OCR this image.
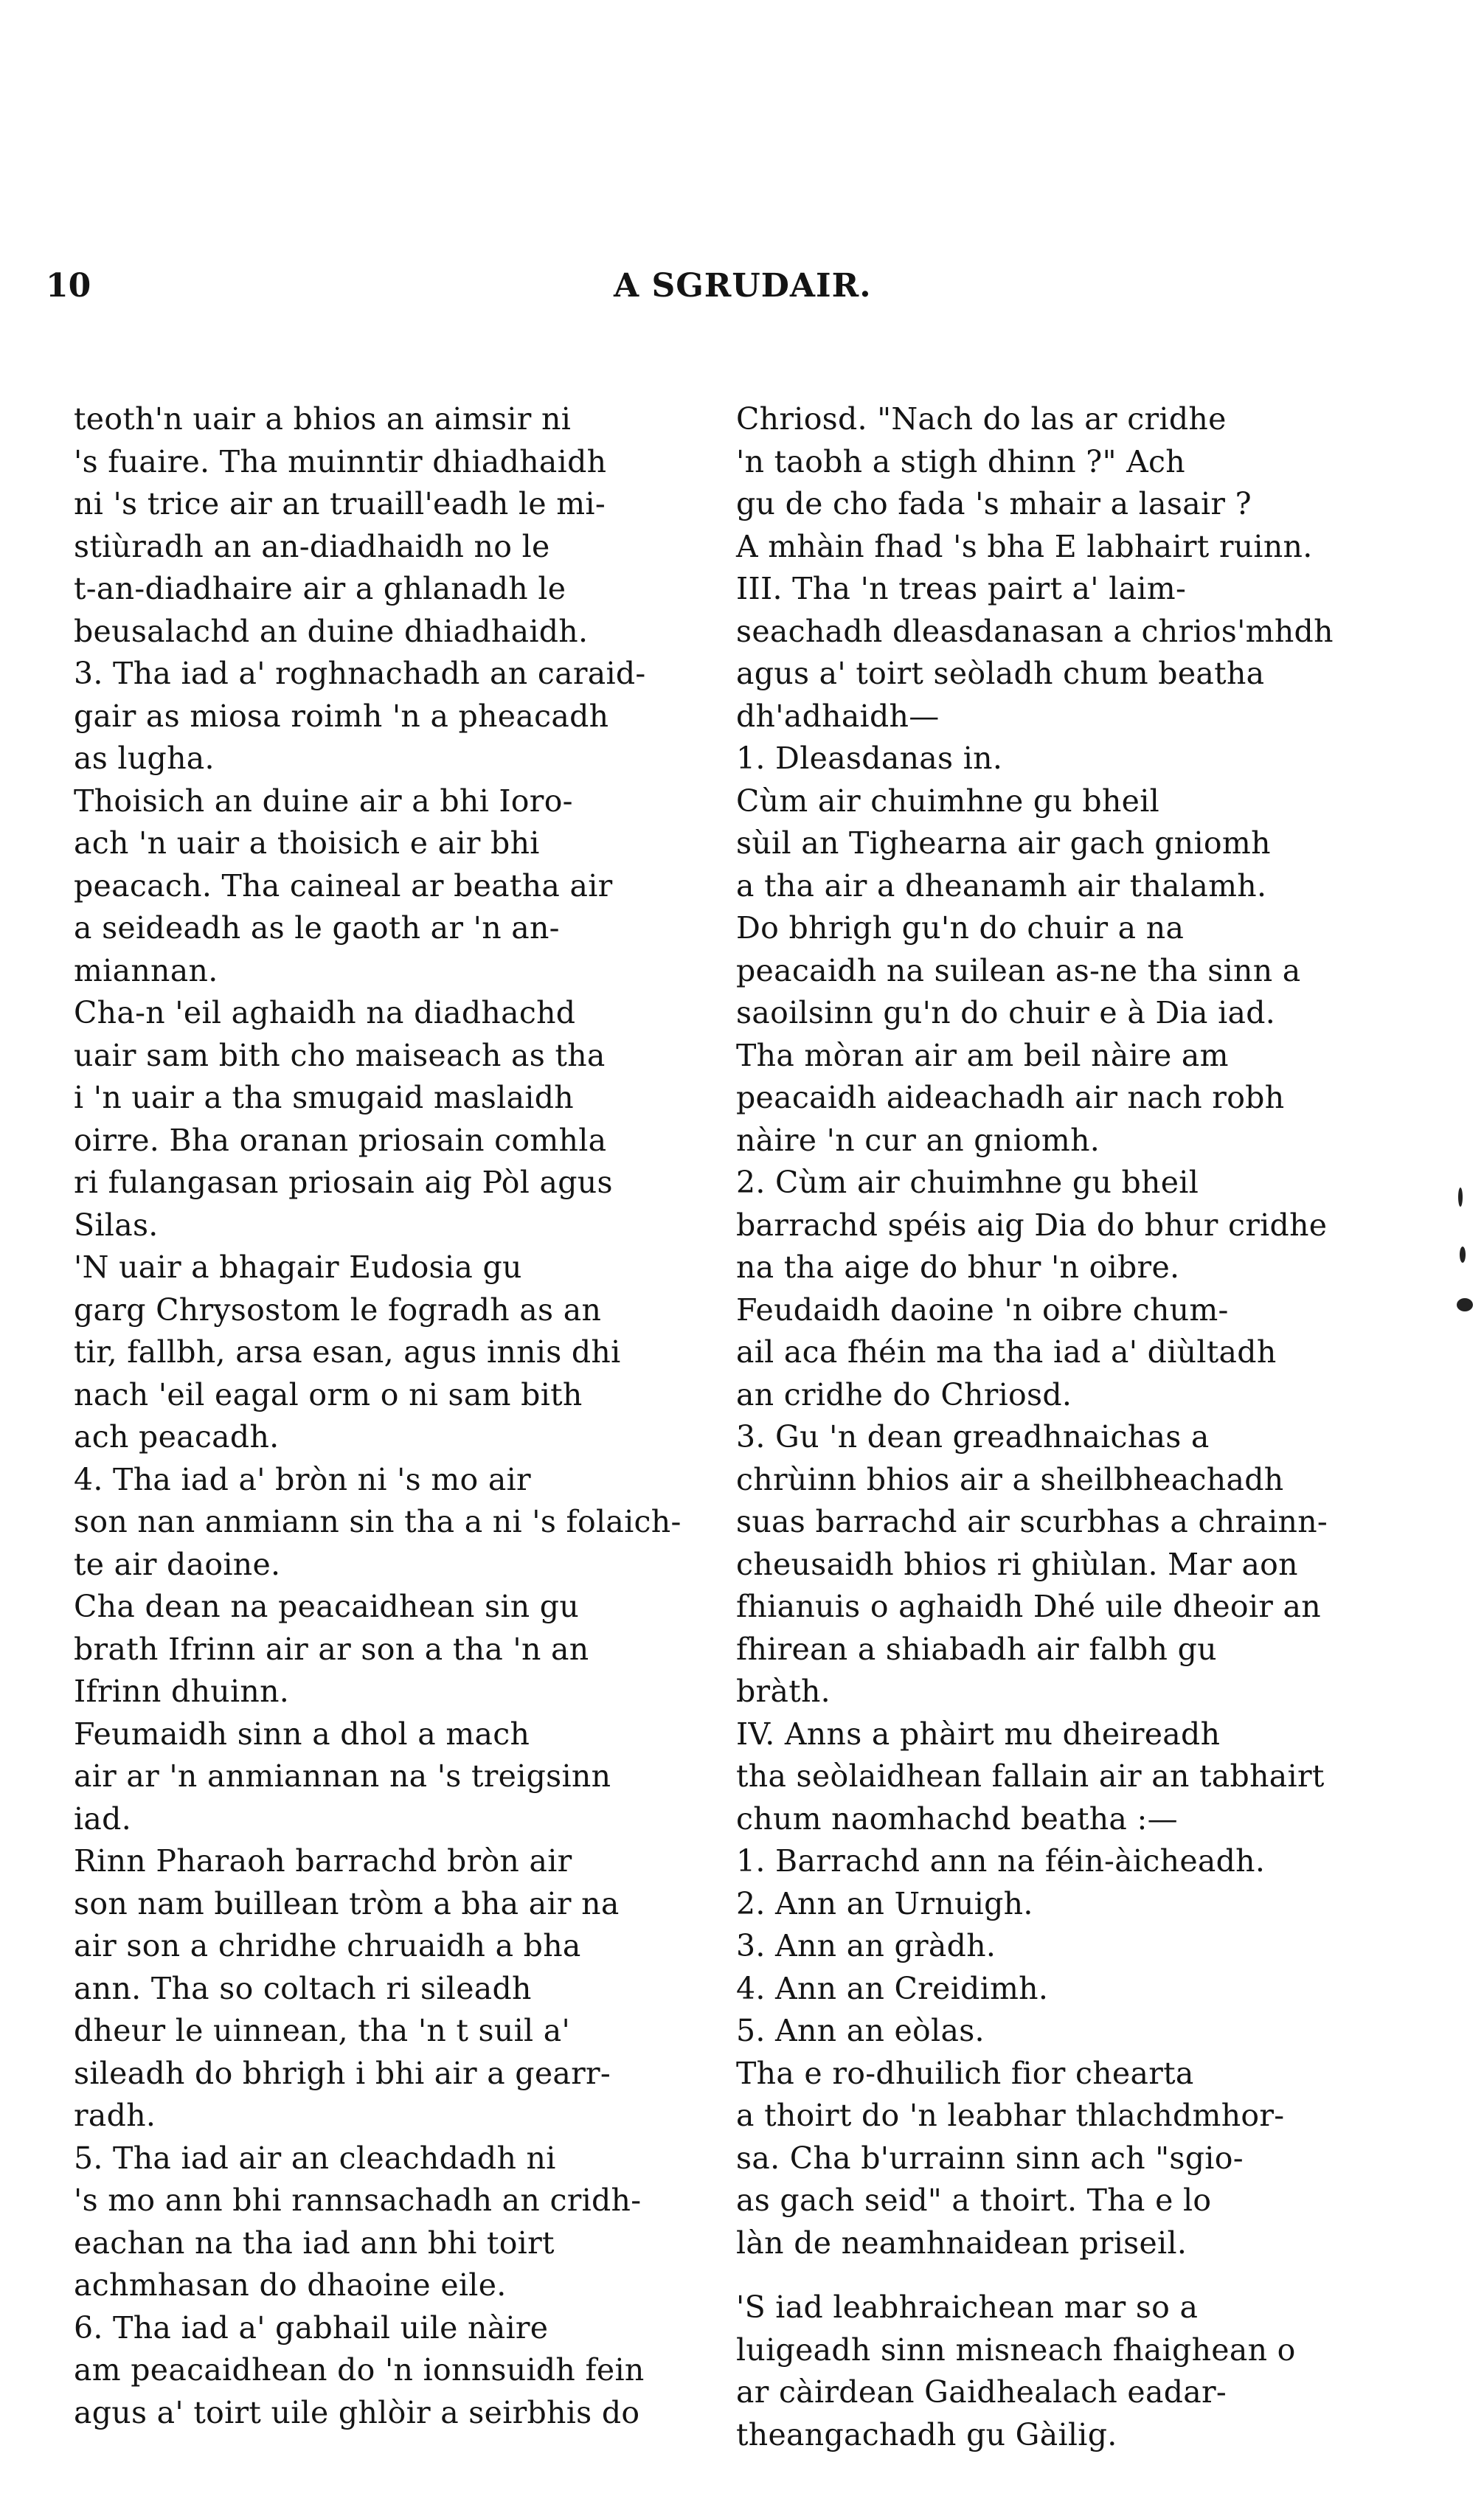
10	A SGRUDAIR.
teoth'n uair a bhios an aimsir ni
's fuaire. Tha muinntir dhiadhaidh
ni 's trice air an truaill'eadh le mi-
stiùradh an an-diadhaidh no le
t-an-diadhaire air a ghlanadh le
beusalachd an duine dhiadhaidh.
3. Tha iad a' roghnachadh an caraid-
gair as miosa roimh 'n a pheacadh
as lugha.
Thoisich an duine air a bhi Ioro-
ach 'n uair a thoisich e air bhi
peacach. Tha caineal ar beatha air
a seideadh as le gaoth ar 'n an-
miannan.
Cha-n 'eil aghaidh na diadhachd
uair sam bith cho maiseach as tha
i 'n uair a tha smugaid maslaidh
oirre. Bha oranan priosain comhla
ri fulangasan priosain aig Pòl agus
Silas.
'N uair a bhagair Eudosia gu
garg Chrysostom le fogradh as an
tir, fallbh, arsa esan, agus innis dhi
nach 'eil eagal orm o ni sam bith
ach peacadh.
4. Tha iad a' bròn ni 's mo air
son nan anmiann sin tha a ni 's folaich-
te air daoine.
Cha dean na peacaidhean sin gu
brath Ifrinn air ar son a tha 'n an
Ifrinn dhuinn.
Feumaidh sinn a dhol a mach
air ar 'n anmiannan na 's treigsinn
iad.
Rinn Pharaoh barrachd bròn air
son nam buillean tròm a bha air na
air son a chridhe chruaidh a bha
ann. Tha so coltach ri sileadh
dheur le uinnean, tha 'n t suil a'
sileadh do bhrigh i bhi air a gearr-
radh.
5. Tha iad air an cleachdadh ni
's mo ann bhi rannsachadh an cridh-
eachan na tha iad ann bhi toirt
achmhasan do dhaoine eile.
6. Tha iad a' gabhail uile nàire
am peacaidhean do 'n ionnsuidh fein
agus a' toirt uile ghlòir a seirbhis do
Chriosd. "Nach do las ar cridhe
'n taobh a stigh dhinn ?" Ach
gu de cho fada 's mhair a lasair ?
A mhàin fhad 's bha E labhairt ruinn.
III. Tha 'n treas pairt a' laim-
seachadh dleasdanasan a chrios'mhdh
agus a' toirt seòladh chum beatha
dh'adhaidh—
1. Dleasdanas in.
Cùm air chuimhne gu bheil
sùil an Tighearna air gach gniomh
a tha air a dheanamh air thalamh.
Do bhrigh gu'n do chuir a na
peacaidh na suilean as-ne tha sinn a
saoilsinn gu'n do chuir e à Dia iad.
Tha mòran air am beil nàire am
peacaidh aideachadh air nach robh
nàire 'n cur an gniomh.
2. Cùm air chuimhne gu bheil
barrachd spéis aig Dia do bhur cridhe
na tha aige do bhur 'n oibre.
Feudaidh daoine 'n oibre chum-
ail aca fhéin ma tha iad a' diùltadh
an cridhe do Chriosd.
3. Gu 'n dean greadhnaichas a
chrùinn bhios air a sheilbheachadh
suas barrachd air scurbhas a chrainn-
cheusaidh bhios ri ghiùlan. Mar aon
fhianuis o aghaidh Dhé uile dheoir an
fhirean a shiabadh air falbh gu
bràth.
IV. Anns a phàirt mu dheireadh
tha seòlaidhean fallain air an tabhairt
chum naomhachd beatha :—
1. Barrachd ann na féin-àicheadh.
2. Ann an Urnuigh.
3. Ann an gràdh.
4. Ann an Creidimh.
5. Ann an eòlas.
Tha e ro-dhuilich fior chearta
a thoirt do 'n leabhar thlachdmhor-
sa. Cha b'urrainn sinn ach "sgio-
as gach seid" a thoirt. Tha e lo
làn de neamhnaidean priseil.
'S iad leabhraichean mar so a
luigeadh sinn misneach fhaighean o
ar càirdean Gaidhealach eadar-
theangachadh gu Gàilig.
